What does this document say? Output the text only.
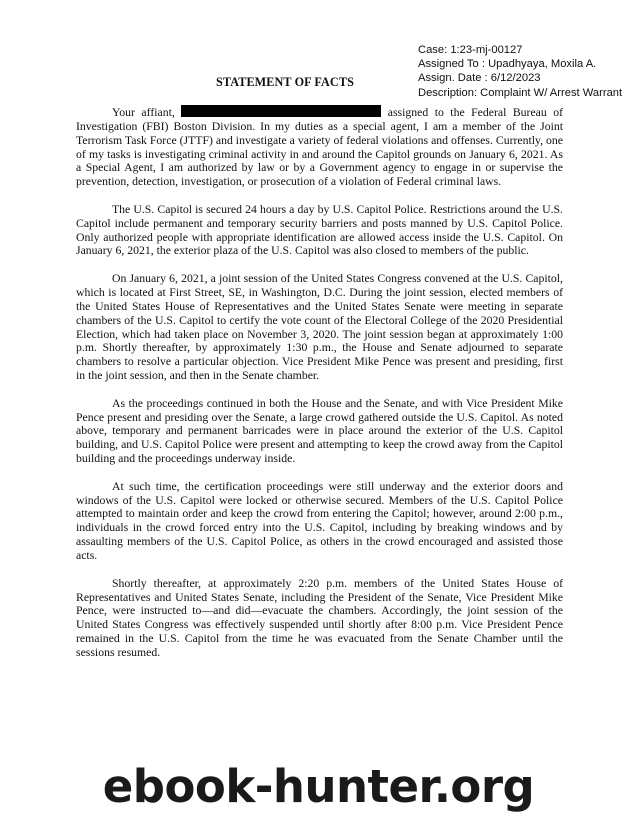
Case: 1:23-mj-00127
Assigned To : Upadhyaya, Moxila A.
Assign. Date : 6/12/2023
Description: Complaint W/ Arrest Warrant
STATEMENT OF FACTS

Your affiant,	assigned to the Federal Bureau of Investigation (FBI) Boston Division. In my duties as a special agent, I am a member of the Joint Terrorism Task Force (JTTF) and investigate a variety of federal violations and offenses. Currently, one of my tasks is investigating criminal activity in and around the Capitol grounds on January 6, 2021. As a Special Agent, I am authorized by law or by a Government agency to engage in or supervise the prevention, detection, investigation, or prosecution of a violation of Federal criminal laws.

The U.S. Capitol is secured 24 hours a day by U.S. Capitol Police. Restrictions around the U.S. Capitol include permanent and temporary security barriers and posts manned by U.S. Capitol Police. Only authorized people with appropriate identification are allowed access inside the U.S. Capitol. On January 6, 2021, the exterior plaza of the U.S. Capitol was also closed to members of the public.

On January 6, 2021, a joint session of the United States Congress convened at the U.S. Capitol, which is located at First Street, SE, in Washington, D.C. During the joint session, elected members of the United States House of Representatives and the United States Senate were meeting in separate chambers of the U.S. Capitol to certify the vote count of the Electoral College of the 2020 Presidential Election, which had taken place on November 3, 2020. The joint session began at approximately 1:00 p.m. Shortly thereafter, by approximately 1:30 p.m., the House and Senate adjourned to separate chambers to resolve a particular objection. Vice President Mike Pence was present and presiding, first in the joint session, and then in the Senate chamber.

As the proceedings continued in both the House and the Senate, and with Vice President Mike Pence present and presiding over the Senate, a large crowd gathered outside the U.S. Capitol. As noted above, temporary and permanent barricades were in place around the exterior of the U.S. Capitol building, and U.S. Capitol Police were present and attempting to keep the crowd away from the Capitol building and the proceedings underway inside.

At such time, the certification proceedings were still underway and the exterior doors and windows of the U.S. Capitol were locked or otherwise secured. Members of the U.S. Capitol Police attempted to maintain order and keep the crowd from entering the Capitol; however, around 2:00 p.m., individuals in the crowd forced entry into the U.S. Capitol, including by breaking windows and by assaulting members of the U.S. Capitol Police, as others in the crowd encouraged and assisted those acts.

Shortly thereafter, at approximately 2:20 p.m. members of the United States House of Representatives and United States Senate, including the President of the Senate, Vice President Mike Pence, were instructed to—and did—evacuate the chambers. Accordingly, the joint session of the United States Congress was effectively suspended until shortly after 8:00 p.m. Vice President Pence remained in the U.S. Capitol from the time he was evacuated from the Senate Chamber until the sessions resumed.

ebook-hunter.org
